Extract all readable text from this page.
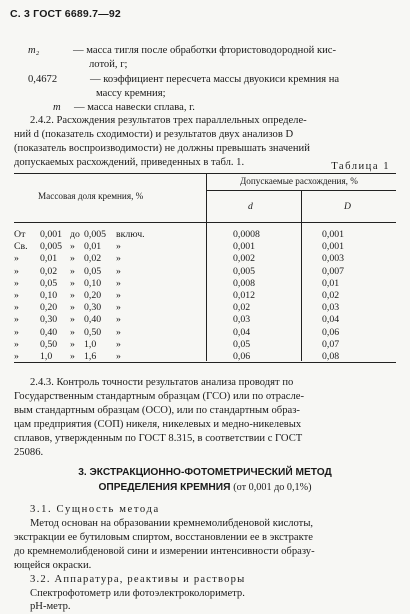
С. 3 ГОСТ 6689.7—92
m₂	— масса тигля после обработки фтористоводородной кис-
лотой, г;
0,4672	— коэффициент пересчета массы двуокиси кремния на
массу кремния;
m — масса навески сплава, г.
2.4.2. Расхождения результатов трех параллельных определе-
ний d (показатель сходимости) и результатов двух анализов D
(показатель воспроизводимости) не должны превышать значений
допускаемых расхождений, приведенных в табл. 1.	Таблица 1
Массовая доля кремния, %
Допускаемые расхождения, %
d	D
От 0,001 до 0,005 включ.	0,0008	0,001
Св. 0,005 » 0,01 »	0,001	0,001
» 0,01 » 0,02 »	0,002	0,003
» 0,02 » 0,05 »	0,005	0,007
» 0,05 » 0,10 »	0,008	0,01
» 0,10 » 0,20 »	0,012	0,02
» 0,20 » 0,30 »	0,02	0,03
» 0,30 » 0,40 »	0,03	0,04
» 0,40 » 0,50 »	0,04	0,06
» 0,50 » 1,0 »	0,05	0,07
» 1,0 » 1,6 »	0,06	0,08
2.4.3. Контроль точности результатов анализа проводят по
Государственным стандартным образцам (ГСО) или по отрасле-
вым стандартным образцам (ОСО), или по стандартным образ-
цам предприятия (СОП) никеля, никелевых и медно-никелевых
сплавов, утвержденным по ГОСТ 8.315, в соответствии с ГОСТ
25086.
3. ЭКСТРАКЦИОННО-ФОТОМЕТРИЧЕСКИЙ МЕТОД
ОПРЕДЕЛЕНИЯ КРЕМНИЯ (от 0,001 до 0,1%)
3.1. Сущность метода
Метод основан на образовании кремнемолибденовой кислоты,
экстракции ее бутиловым спиртом, восстановлении ее в экстракте
до кремнемолибденовой сини и измерении интенсивности образу-
ющейся окраски.
3.2. Аппаратура, реактивы и растворы
Спектрофотометр или фотоэлектроколориметр.
рН-метр.
